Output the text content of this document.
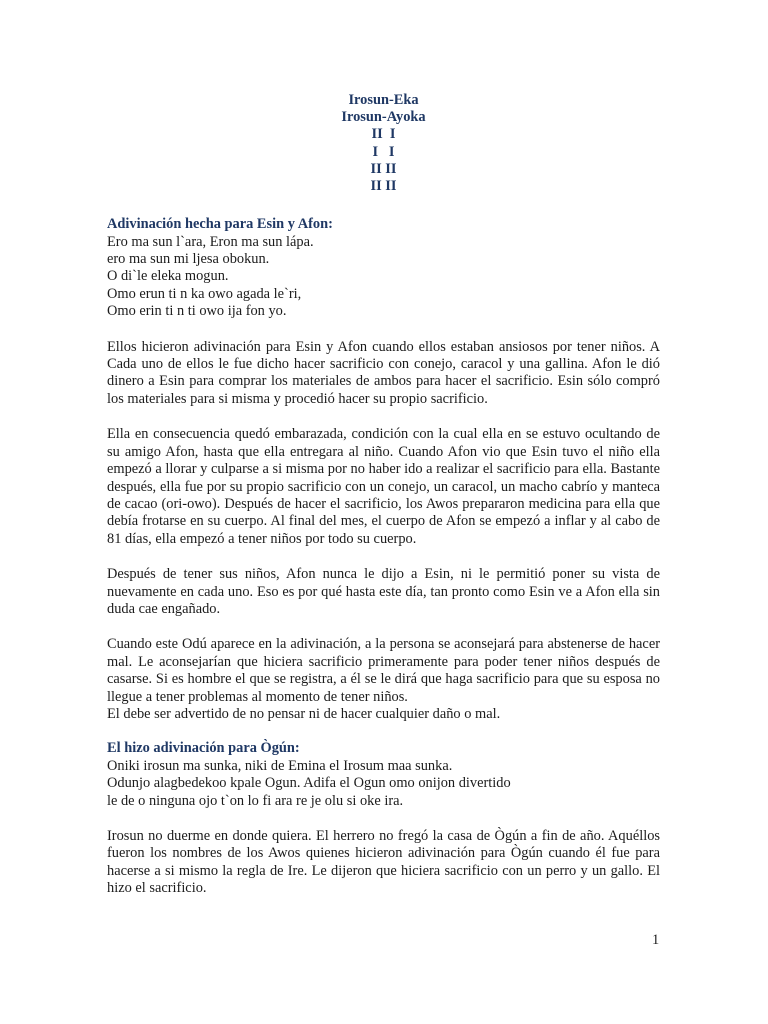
Irosun-Eka
Irosun-Ayoka
II  I
I   I
II II
II II
Adivinación hecha para Esin y Afon:
Ero ma sun l`ara, Eron ma sun lápa.
ero ma sun mi ljesa obokun.
O di`le eleka mogun.
Omo erun ti n ka owo agada le`ri,
Omo erin ti n ti owo ija fon yo.
Ellos hicieron adivinación para Esin y Afon cuando ellos estaban ansiosos por tener niños. A Cada uno de ellos le fue dicho hacer sacrificio con conejo, caracol y una gallina. Afon le dió dinero a Esin para comprar los materiales de ambos para hacer el sacrificio. Esin sólo compró los materiales para si misma y procedió hacer su propio sacrificio.
Ella en consecuencia quedó embarazada, condición con la cual ella en se estuvo ocultando de su amigo Afon, hasta que ella entregara al niño. Cuando Afon vio que Esin tuvo el niño ella empezó a llorar y culparse a si misma por no haber ido a realizar el sacrificio para ella. Bastante después, ella fue por su propio sacrificio con un conejo, un caracol, un macho cabrío y manteca de cacao (ori-owo). Después de hacer el sacrificio, los Awos prepararon medicina para ella que debía frotarse en su cuerpo. Al final del mes, el cuerpo de Afon se empezó a inflar y al cabo de 81 días, ella empezó a tener niños por todo su cuerpo.
Después de tener sus niños, Afon nunca le dijo a Esin, ni le permitió poner su vista de nuevamente en cada uno. Eso es por qué hasta este día, tan pronto como Esin ve a Afon ella sin duda cae engañado.
Cuando este Odú aparece en la adivinación, a la persona se aconsejará para abstenerse de hacer mal. Le aconsejarían que hiciera sacrificio primeramente para poder tener niños después de casarse. Si es hombre el que se registra, a él se le dirá que haga sacrificio para que su esposa no llegue a tener problemas al momento de tener niños.
El debe ser advertido de no pensar ni de hacer cualquier daño o mal.
El hizo adivinación para Ògún:
Oniki irosun ma sunka, niki de Emina el Irosum maa sunka.
Odunjo alagbedekoo kpale Ogun. Adifa el Ogun omo onijon divertido
le de o ninguna ojo t`on lo fi ara re je olu si oke ira.
Irosun no duerme en donde quiera. El herrero no fregó la casa de Ògún a fin de año. Aquéllos fueron los nombres de los Awos quienes hicieron adivinación para Ògún cuando él fue para hacerse a si mismo la regla de Ire. Le dijeron que hiciera sacrificio con un perro y un gallo. El hizo el sacrificio.
1
